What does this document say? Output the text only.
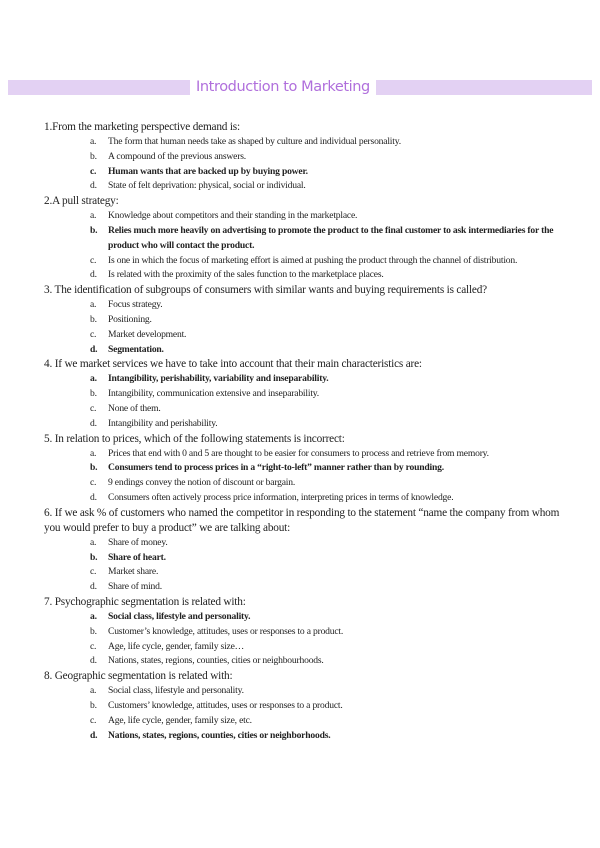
Introduction to Marketing
1.From the marketing perspective demand is:
a. The form that human needs take as shaped by culture and individual personality.
b. A compound of the previous answers.
c. Human wants that are backed up by buying power.
d. State of felt deprivation: physical, social or individual.
2.A pull strategy:
a. Knowledge about competitors and their standing in the marketplace.
b. Relies much more heavily on advertising to promote the product to the final customer to ask intermediaries for the product who will contact the product.
c. Is one in which the focus of marketing effort is aimed at pushing the product through the channel of distribution.
d. Is related with the proximity of the sales function to the marketplace places.
3. The identification of subgroups of consumers with similar wants and buying requirements is called?
a. Focus strategy.
b. Positioning.
c. Market development.
d. Segmentation.
4. If we market services we have to take into account that their main characteristics are:
a. Intangibility, perishability, variability and inseparability.
b. Intangibility, communication extensive and inseparability.
c. None of them.
d. Intangibility and perishability.
5. In relation to prices, which of the following statements is incorrect:
a. Prices that end with 0 and 5 are thought to be easier for consumers to process and retrieve from memory.
b. Consumers tend to process prices in a “right-to-left” manner rather than by rounding.
c. 9 endings convey the notion of discount or bargain.
d. Consumers often actively process price information, interpreting prices in terms of knowledge.
6. If we ask % of customers who named the competitor in responding to the statement “name the company from whom you would prefer to buy a product” we are talking about:
a. Share of money.
b. Share of heart.
c. Market share.
d. Share of mind.
7. Psychographic segmentation is related with:
a. Social class, lifestyle and personality.
b. Customer’s knowledge, attitudes, uses or responses to a product.
c. Age, life cycle, gender, family size…
d. Nations, states, regions, counties, cities or neighbourhoods.
8. Geographic segmentation is related with:
a. Social class, lifestyle and personality.
b. Customers’ knowledge, attitudes, uses or responses to a product.
c. Age, life cycle, gender, family size, etc.
d. Nations, states, regions, counties, cities or neighborhoods.
